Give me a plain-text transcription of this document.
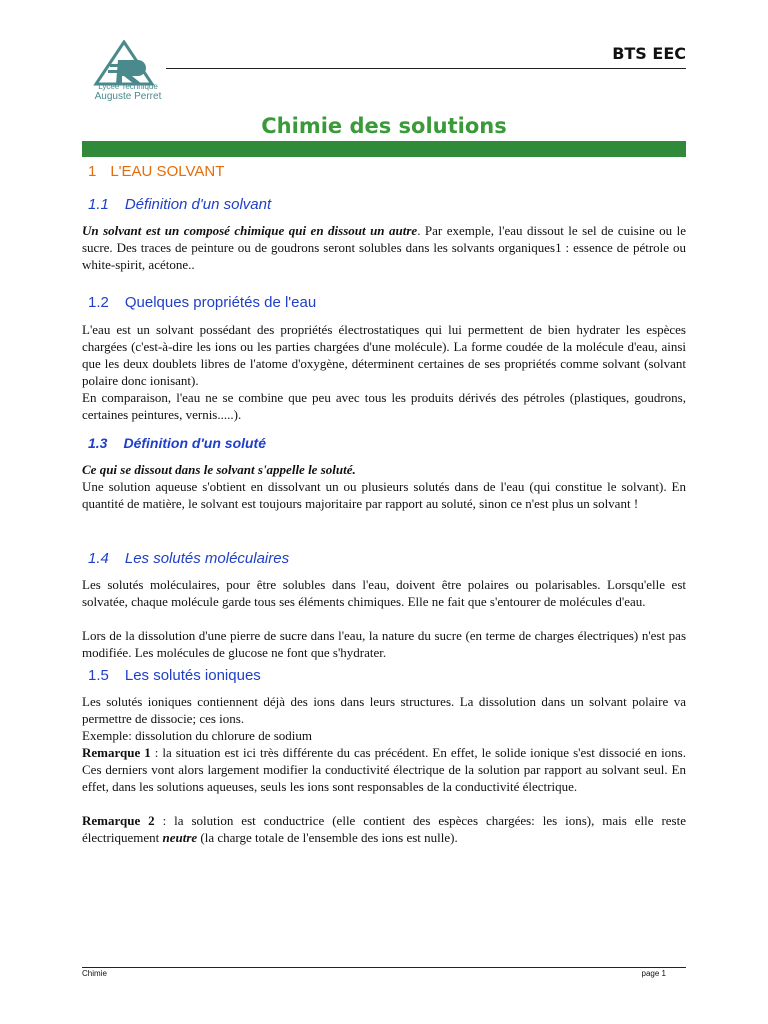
Lycée Technique
Auguste Perret
BTS EEC
Chimie des solutions
1 L'EAU SOLVANT
1.1 Définition d'un solvant

Un solvant est un composé chimique qui en dissout un autre. Par exemple, l'eau dissout le sel de cuisine ou le sucre. Des traces de peinture ou de goudrons seront solubles dans les solvants organiques1 : essence de pétrole ou white-spirit, acétone..

1.2 Quelques propriétés de l'eau

L'eau est un solvant possédant des propriétés électrostatiques qui lui permettent de bien hydrater les espèces chargées (c'est-à-dire les ions ou les parties chargées d'une molécule). La forme coudée de la molécule d'eau, ainsi que les deux doublets libres de l'atome d'oxygène, déterminent certaines de ses propriétés comme solvant (solvant polaire donc ionisant).

En comparaison, l'eau ne se combine que peu avec tous les produits dérivés des pétroles (plastiques, goudrons, certaines peintures, vernis.....).

1.3 Définition d'un soluté

Ce qui se dissout dans le solvant s'appelle le soluté.

Une solution aqueuse s'obtient en dissolvant un ou plusieurs solutés dans de l'eau (qui constitue le solvant). En quantité de matière, le solvant est toujours majoritaire par rapport au soluté, sinon ce n'est plus un solvant !

1.4 Les solutés moléculaires

Les solutés moléculaires, pour être solubles dans l'eau, doivent être polaires ou polarisables. Lorsqu'elle est solvatée, chaque molécule garde tous ses éléments chimiques. Elle ne fait que s'entourer de molécules d'eau.

Lors de la dissolution d'une pierre de sucre dans l'eau, la nature du sucre (en terme de charges électriques) n'est pas modifiée. Les molécules de glucose ne font que s'hydrater.

1.5 Les solutés ioniques

Les solutés ioniques contiennent déjà des ions dans leurs structures. La dissolution dans un solvant polaire va permettre de dissocie; ces ions.

Exemple: dissolution du chlorure de sodium

Remarque 1 : la situation est ici très différente du cas précédent. En effet, le solide ionique s'est dissocié en ions. Ces derniers vont alors largement modifier la conductivité électrique de la solution par rapport au solvant seul. En effet, dans les solutions aqueuses, seuls les ions sont responsables de la conductivité électrique.

Remarque 2 : la solution est conductrice (elle contient des espèces chargées: les ions), mais elle reste électriquement neutre (la charge totale de l'ensemble des ions est nulle).

Chimie	page 1
